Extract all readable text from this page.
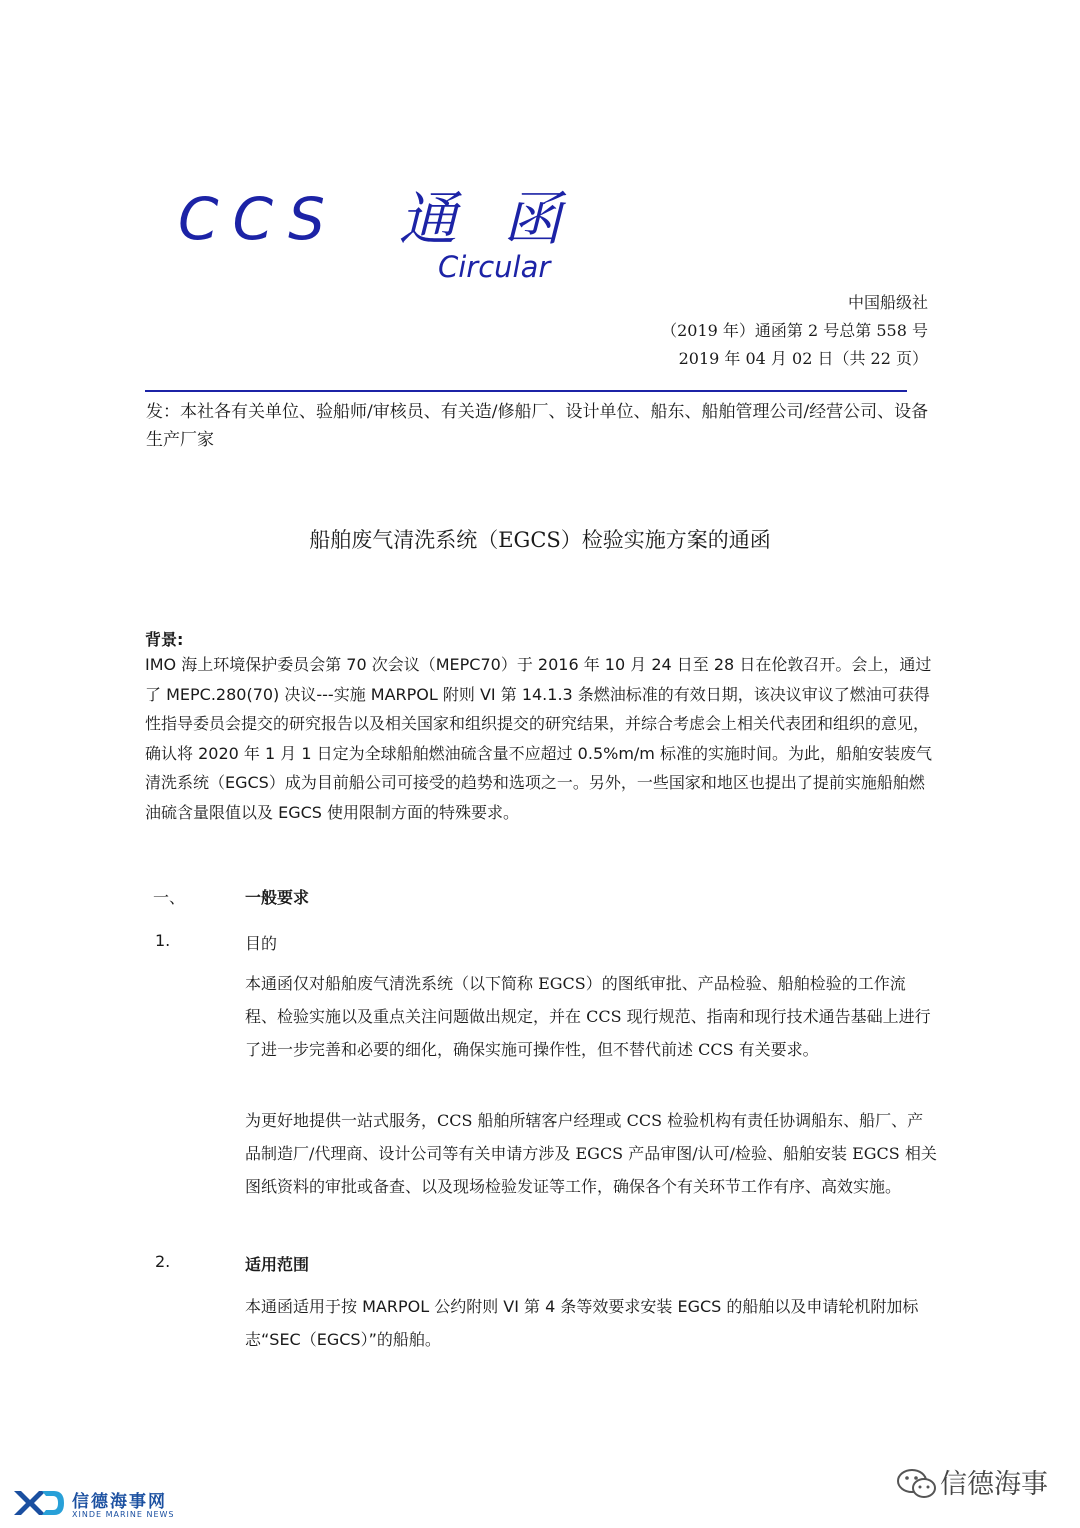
CCS 通 函
Circular
中国船级社
（2019 年）通函第 2 号总第 558 号
2019 年 04 月 02 日（共 22 页）
发：本社各有关单位、验船师/审核员、有关造/修船厂、设计单位、船东、船舶管理公司/经营公司、设备生产厂家
船舶废气清洗系统（EGCS）检验实施方案的通函
背景:
IMO 海上环境保护委员会第 70 次会议（MEPC70）于 2016 年 10 月 24 日至 28 日在伦敦召开。会上，通过了 MEPC.280(70) 决议---实施 MARPOL 附则 VI 第 14.1.3 条燃油标准的有效日期，该决议审议了燃油可获得性指导委员会提交的研究报告以及相关国家和组织提交的研究结果，并综合考虑会上相关代表团和组织的意见，确认将 2020 年 1 月 1 日定为全球船舶燃油硫含量不应超过 0.5%m/m 标准的实施时间。为此，船舶安装废气清洗系统（EGCS）成为目前船公司可接受的趋势和选项之一。另外，一些国家和地区也提出了提前实施船舶燃油硫含量限值以及 EGCS 使用限制方面的特殊要求。
一、	一般要求
1.	目的
本通函仅对船舶废气清洗系统（以下简称 EGCS）的图纸审批、产品检验、船舶检验的工作流程、检验实施以及重点关注问题做出规定，并在 CCS 现行规范、指南和现行技术通告基础上进行了进一步完善和必要的细化，确保实施可操作性，但不替代前述 CCS 有关要求。
为更好地提供一站式服务，CCS 船舶所辖客户经理或 CCS 检验机构有责任协调船东、船厂、产品制造厂/代理商、设计公司等有关申请方涉及 EGCS 产品审图/认可/检验、船舶安装 EGCS 相关图纸资料的审批或备查、以及现场检验发证等工作，确保各个有关环节工作有序、高效实施。
2.	适用范围
本通函适用于按 MARPOL 公约附则 VI 第 4 条等效要求安装 EGCS 的船舶以及申请轮机附加标志“SEC（EGCS）”的船舶。
信德海事网
XINDE MARINE NEWS
信德海事
